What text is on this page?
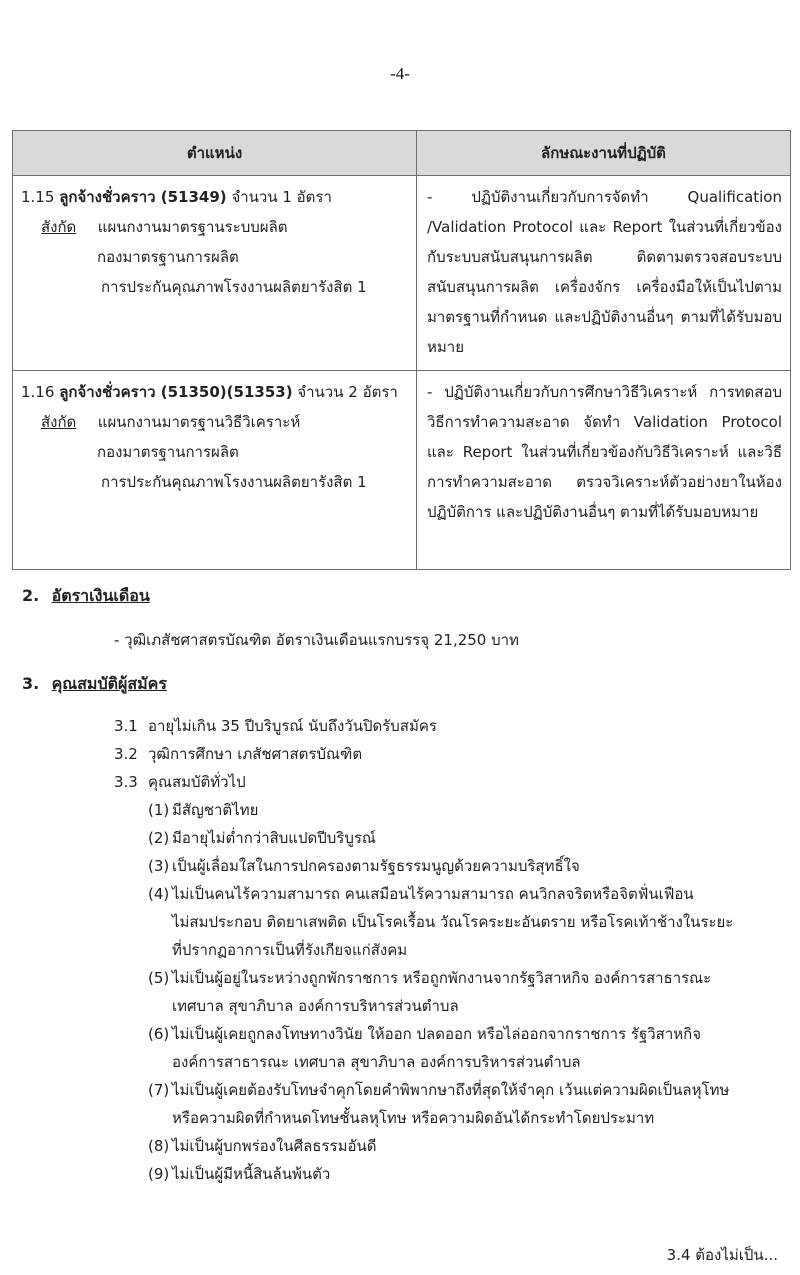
-4-
ตำแหน่ง	ลักษณะงานที่ปฏิบัติ

1.15 ลูกจ้างชั่วคราว (51349) จำนวน 1 อัตรา
สังกัด แผนกงานมาตรฐานระบบผลิต
กองมาตรฐานการผลิต
การประกันคุณภาพโรงงานผลิตยารังสิต 1
	- ปฏิบัติงานเกี่ยวกับการจัดทำ Qualification /Validation Protocol และ Report ในส่วนที่เกี่ยวข้องกับระบบสนับสนุนการผลิต ติดตามตรวจสอบระบบสนับสนุนการผลิต เครื่องจักร เครื่องมือให้เป็นไปตามมาตรฐานที่กำหนด และปฏิบัติงานอื่นๆ ตามที่ได้รับมอบหมาย

1.16 ลูกจ้างชั่วคราว (51350)(51353) จำนวน 2 อัตรา
สังกัด แผนกงานมาตรฐานวิธีวิเคราะห์
กองมาตรฐานการผลิต
การประกันคุณภาพโรงงานผลิตยารังสิต 1
	- ปฏิบัติงานเกี่ยวกับการศึกษาวิธีวิเคราะห์ การทดสอบวิธีการทำความสะอาด จัดทำ Validation Protocol และ Report ในส่วนที่เกี่ยวข้องกับวิธีวิเคราะห์ และวิธีการทำความสะอาด ตรวจวิเคราะห์ตัวอย่างยาในห้องปฏิบัติการ และปฏิบัติงานอื่นๆ ตามที่ได้รับมอบหมาย
2. อัตราเงินเดือน
- วุฒิเภสัชศาสตรบัณฑิต อัตราเงินเดือนแรกบรรจุ 21,250 บาท
3. คุณสมบัติผู้สมัคร
3.1 อายุไม่เกิน 35 ปีบริบูรณ์ นับถึงวันปิดรับสมัคร
3.2 วุฒิการศึกษา เภสัชศาสตรบัณฑิต
3.3 คุณสมบัติทั่วไป
(1) มีสัญชาติไทย
(2) มีอายุไม่ต่ำกว่าสิบแปดปีบริบูรณ์
(3) เป็นผู้เลื่อมใสในการปกครองตามรัฐธรรมนูญด้วยความบริสุทธิ์ใจ
(4) ไม่เป็นคนไร้ความสามารถ คนเสมือนไร้ความสามารถ คนวิกลจริตหรือจิตฟั่นเฟือน
ไม่สมประกอบ ติดยาเสพติด เป็นโรคเรื้อน วัณโรคระยะอันตราย หรือโรคเท้าช้างในระยะ
ที่ปรากฏอาการเป็นที่รังเกียจแก่สังคม
(5) ไม่เป็นผู้อยู่ในระหว่างถูกพักราชการ หรือถูกพักงานจากรัฐวิสาหกิจ องค์การสาธารณะ
เทศบาล สุขาภิบาล องค์การบริหารส่วนตำบล
(6) ไม่เป็นผู้เคยถูกลงโทษทางวินัย ให้ออก ปลดออก หรือไล่ออกจากราชการ รัฐวิสาหกิจ
องค์การสาธารณะ เทศบาล สุขาภิบาล องค์การบริหารส่วนตำบล
(7) ไม่เป็นผู้เคยต้องรับโทษจำคุกโดยคำพิพากษาถึงที่สุดให้จำคุก เว้นแต่ความผิดเป็นลหุโทษ
หรือความผิดที่กำหนดโทษชั้นลหุโทษ หรือความผิดอันได้กระทำโดยประมาท
(8) ไม่เป็นผู้บกพร่องในศีลธรรมอันดี
(9) ไม่เป็นผู้มีหนี้สินล้นพ้นตัว
3.4 ต้องไม่เป็น...
